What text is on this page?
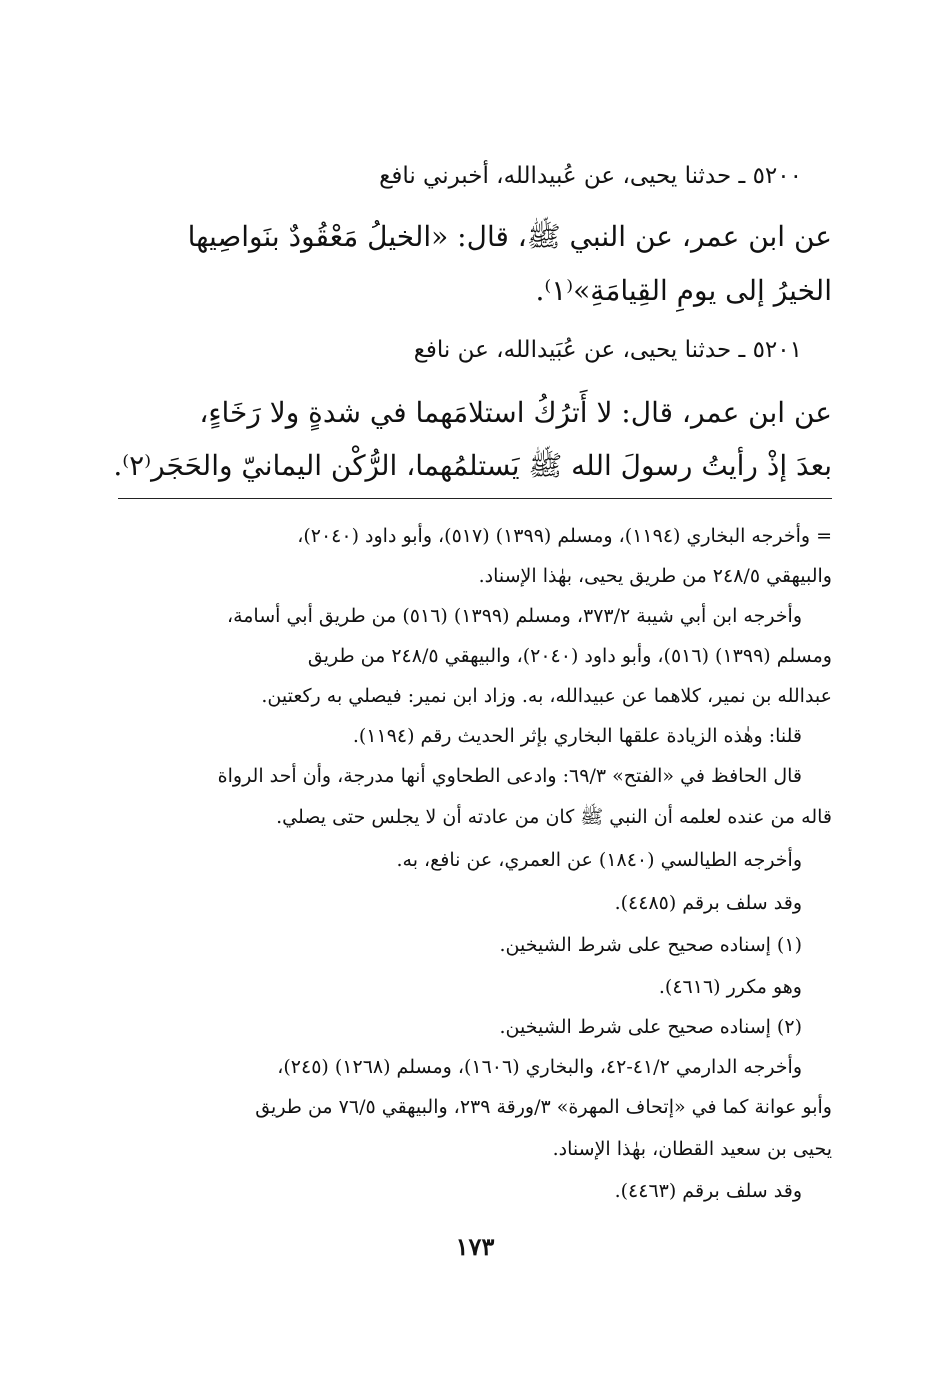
٥٢٠٠ ـ حدثنا يحيى، عن عُبيدالله، أخبرني نافع
عن ابن عمر، عن النبي ﷺ، قال: «الخيلُ مَعْقُودٌ بنَواصِيها
الخيرُ إلى يومِ القِيامَةِ»⁽١⁾.
٥٢٠١ ـ حدثنا يحيى، عن عُبَيدالله، عن نافع
عن ابن عمر، قال: لا أَترُكُ استلامَهما في شدةٍ ولا رَخَاءٍ،
بعدَ إذْ رأيتُ رسولَ الله ﷺ يَستلمُهما، الرُّكْن اليمانيّ والحَجَر⁽٢⁾.
= وأخرجه البخاري (١١٩٤)، ومسلم (١٣٩٩) (٥١٧)، وأبو داود (٢٠٤٠)،
والبيهقي ٢٤٨/٥ من طريق يحيى، بهٰذا الإسناد.
وأخرجه ابن أبي شيبة ٣٧٣/٢، ومسلم (١٣٩٩) (٥١٦) من طريق أبي أسامة،
ومسلم (١٣٩٩) (٥١٦)، وأبو داود (٢٠٤٠)، والبيهقي ٢٤٨/٥ من طريق
عبدالله بن نمير، كلاهما عن عبيدالله، به. وزاد ابن نمير: فيصلي به ركعتين.
قلنا: وهٰذه الزيادة علقها البخاري بإثر الحديث رقم (١١٩٤).
قال الحافظ في «الفتح» ٦٩/٣: وادعى الطحاوي أنها مدرجة، وأن أحد الرواة
قاله من عنده لعلمه أن النبي ﷺ كان من عادته أن لا يجلس حتى يصلي.
وأخرجه الطيالسي (١٨٤٠) عن العمري، عن نافع، به.
وقد سلف برقم (٤٤٨٥).
(١) إسناده صحيح على شرط الشيخين.
وهو مكرر (٤٦١٦).
(٢) إسناده صحيح على شرط الشيخين.
وأخرجه الدارمي ٤١/٢-٤٢، والبخاري (١٦٠٦)، ومسلم (١٢٦٨) (٢٤٥)،
وأبو عوانة كما في «إتحاف المهرة» ٣/ورقة ٢٣٩، والبيهقي ٧٦/٥ من طريق
يحيى بن سعيد القطان، بهٰذا الإسناد.
وقد سلف برقم (٤٤٦٣).
١٧٣
